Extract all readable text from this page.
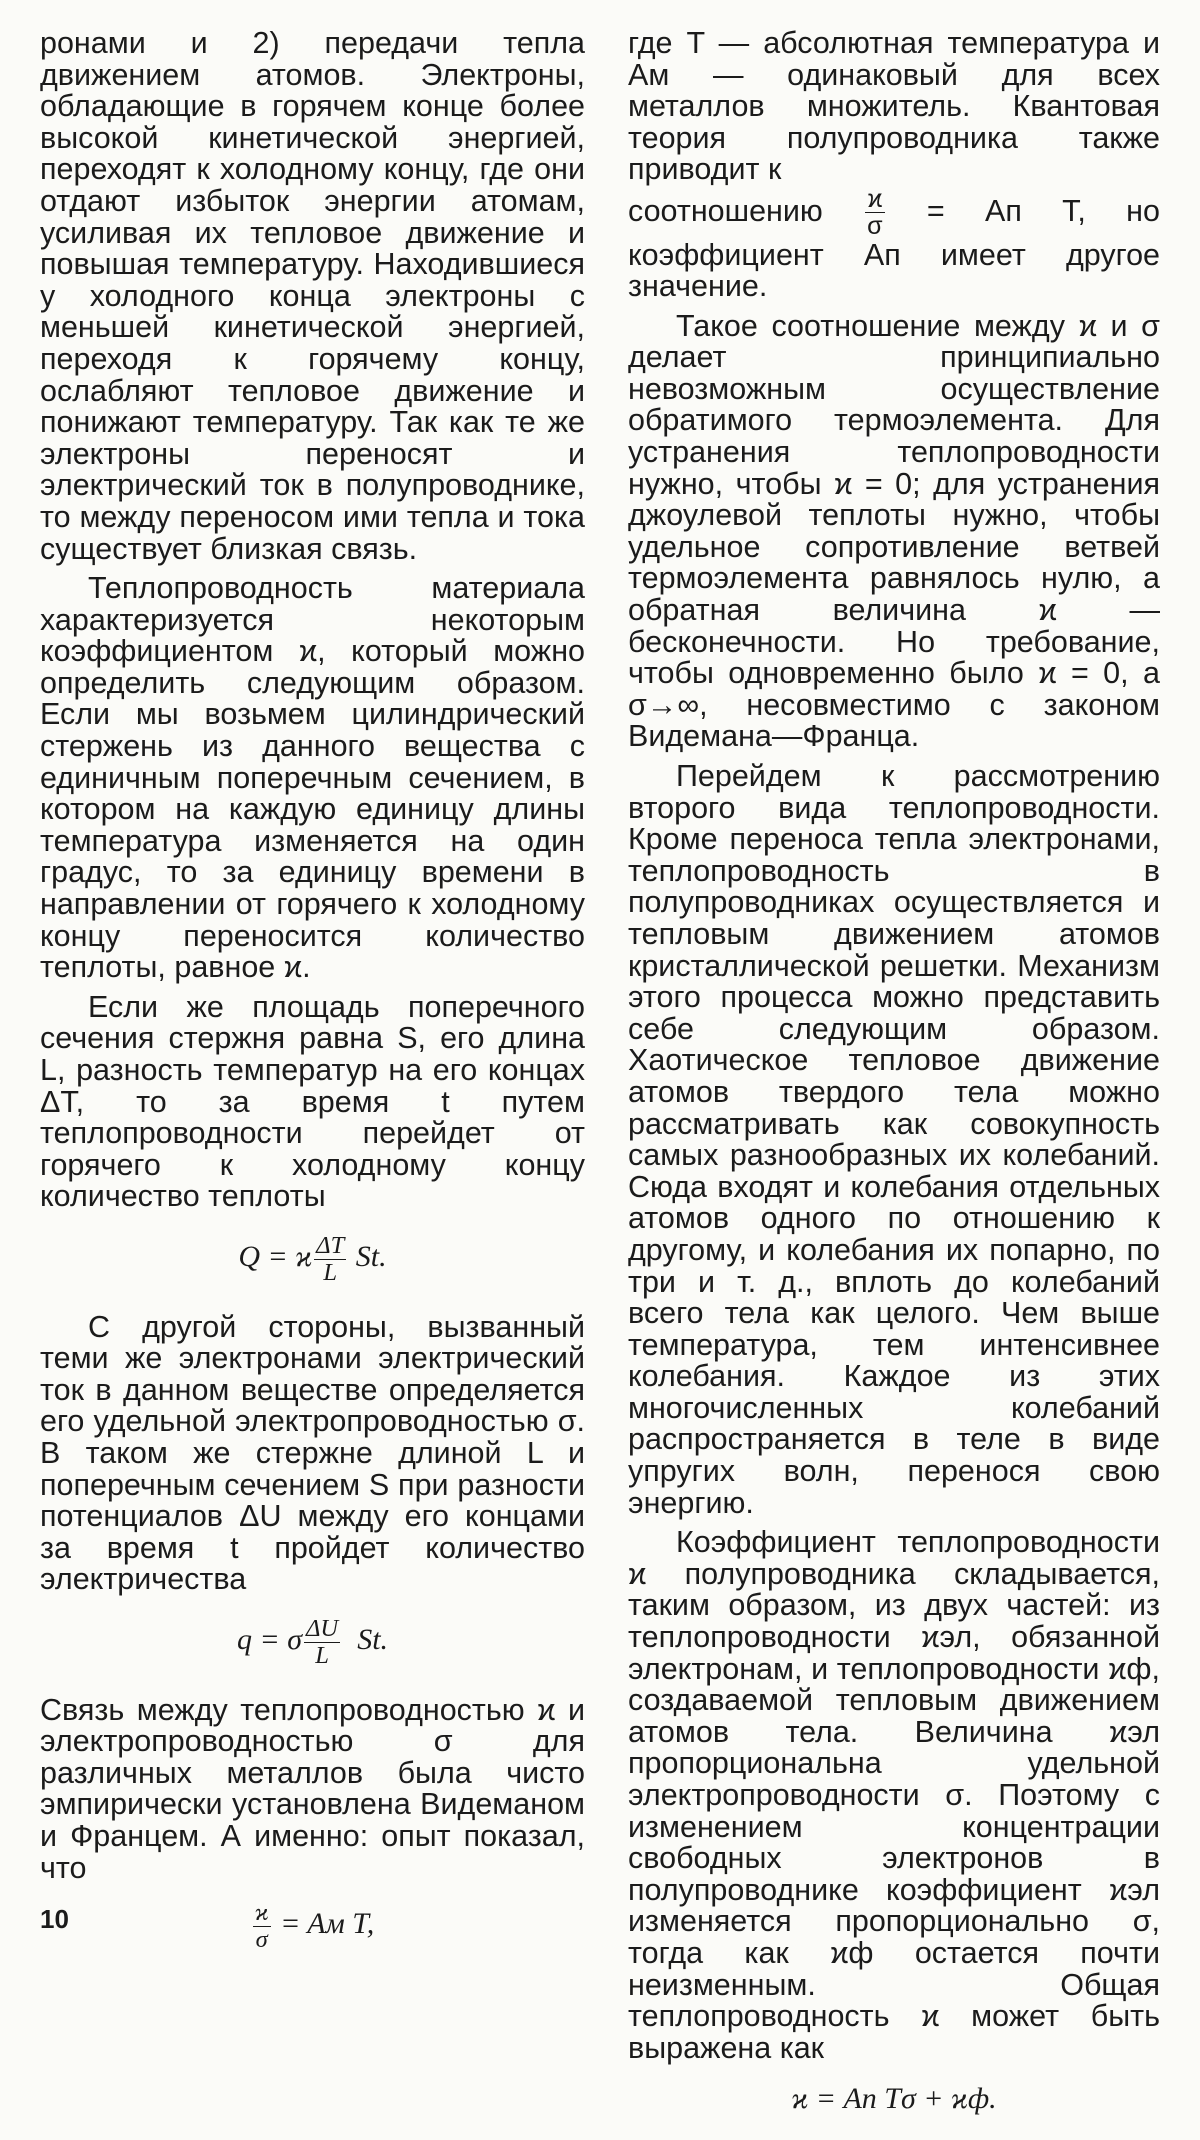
ронами и 2) передачи тепла движением атомов. Электроны, обладающие в горячем конце более высокой кинетической энергией, переходят к холодному концу, где они отдают избыток энергии атомам, усиливая их тепловое движение и повышая температуру. Находившиеся у холодного конца электроны с меньшей кинетической энергией, переходя к горячему концу, ослабляют тепловое движение и понижают температуру. Так как те же электроны переносят и электрический ток в полупроводнике, то между переносом ими тепла и тока существует близкая связь.

Теплопроводность материала характеризуется некоторым коэффициентом ϰ, который можно определить следующим образом. Если мы возьмем цилиндрический стержень из данного вещества с единичным поперечным сечением, в котором на каждую единицу длины температура изменяется на один градус, то за единицу времени в направлении от горячего к холодному концу переносится количество теплоты, равное ϰ.

Если же площадь поперечного сечения стержня равна S, его длина L, разность температур на его концах ΔT, то за время t путем теплопроводности перейдет от горячего к холодному концу количество теплоты

Q = ϰ $\frac{\Delta T}{L} St$.

С другой стороны, вызванный теми же электронами электрический ток в данном веществе определяется его удельной электропроводностью σ. В таком же стержне длиной L и поперечным сечением S при разности потенциалов ΔU между его концами за время t пройдет количество электричества

q = σ $\frac{\Delta U}{L} St$.

Связь между теплопроводностью ϰ и электропроводностью σ для различных металлов была чисто эмпирически установлена Видеманом и Францем. А именно: опыт показал, что

$\frac{ϰ}{\sigma}$ = Aм T,

где T — абсолютная температура и Aм — одинаковый для всех металлов множитель. Квантовая теория полупроводника также приводит к

соотношению $\frac{ϰ}{\sigma}$ = Aп T, но коэффициент Aп имеет другое значение.

Такое соотношение между ϰ и σ делает принципиально невозможным осуществление обратимого термоэлемента. Для устранения теплопроводности нужно, чтобы ϰ = 0; для устранения джоулевой теплоты нужно, чтобы удельное сопротивление ветвей термоэлемента равнялось нулю, а обратная величина ϰ — бесконечности. Но требование, чтобы одновременно было ϰ = 0, а σ→∞, несовместимо с законом Видемана—Франца.

Перейдем к рассмотрению второго вида теплопроводности. Кроме переноса тепла электронами, теплопроводность в полупроводниках осуществляется и тепловым движением атомов кристаллической решетки. Механизм этого процесса можно представить себе следующим образом. Хаотическое тепловое движение атомов твердого тела можно рассматривать как совокупность самых разнообразных их колебаний. Сюда входят и колебания отдельных атомов одного по отношению к другому, и колебания их попарно, по три и т. д., вплоть до колебаний всего тела как целого. Чем выше температура, тем интенсивнее колебания. Каждое из этих многочисленных колебаний распространяется в теле в виде упругих волн, перенося свою энергию.

Коэффициент теплопроводности ϰ полупроводника складывается, таким образом, из двух частей: из теплопроводности ϰэл, обязанной электронам, и теплопроводности ϰф, создаваемой тепловым движением атомов тела. Величина ϰэл пропорциональна удельной электропроводности σ. Поэтому с изменением концентрации свободных электронов в полупроводнике коэффициент ϰэл изменяется пропорционально σ, тогда как ϰф остается почти неизменным. Общая теплопроводность ϰ может быть выражена как

ϰ = Aп Tσ + ϰф.
10
